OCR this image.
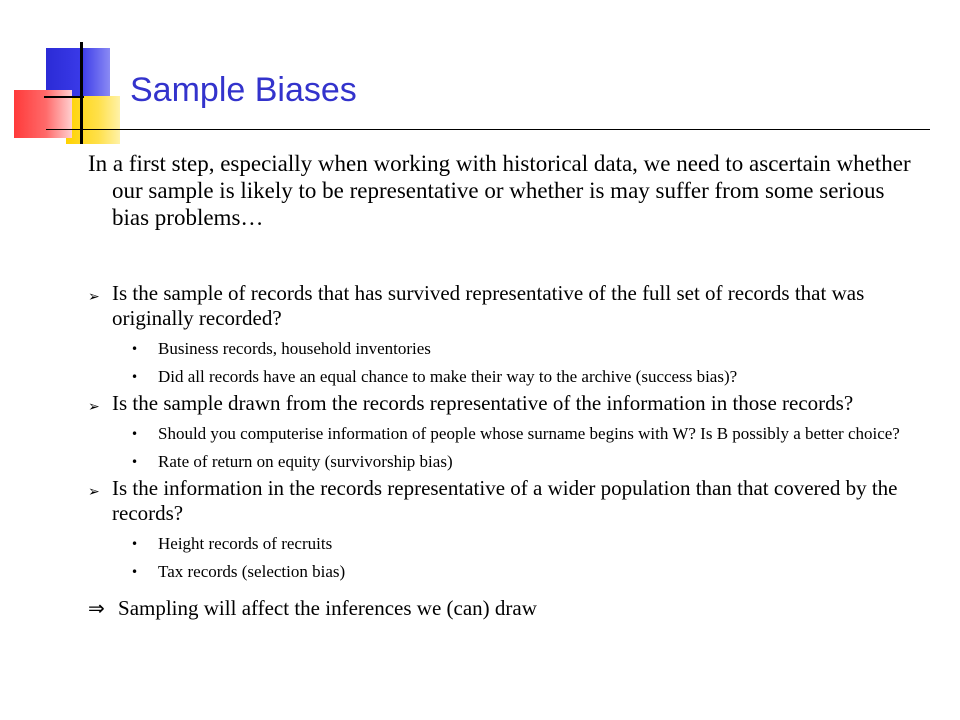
Sample Biases

In a first step, especially when working with historical data, we need to ascertain whether our sample is likely to be representative or whether is may suffer from some serious bias problems…

➢ Is the sample of records that has survived representative of the full set of records that was originally recorded?
• Business records, household inventories
• Did all records have an equal chance to make their way to the archive (success bias)?
➢ Is the sample drawn from the records representative of the information in those records?
• Should you computerise information of people whose surname begins with W? Is B possibly a better choice?
• Rate of return on equity (survivorship bias)
➢ Is the information in the records representative of a wider population than that covered by the records?
• Height records of recruits
• Tax records (selection bias)
⇒ Sampling will affect the inferences we (can) draw
